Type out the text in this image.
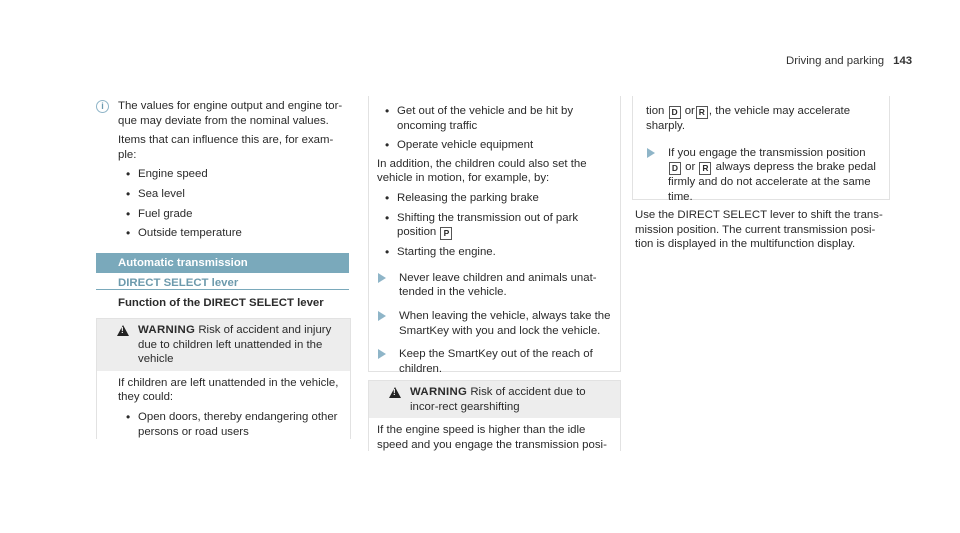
Driving and parking 143
i	The values for engine output and engine tor-que may deviate from the nominal values.

Items that can influence this are, for exam-ple:

• Engine speed
• Sea level
• Fuel grade
• Outside temperature
Automatic transmission
DIRECT SELECT lever
Function of the DIRECT SELECT lever
!

WARNING Risk of accident and injury due to children left unattended in the vehicle

If children are left unattended in the vehicle, they could:

• Open doors, thereby endangering other persons or road users
• Get out of the vehicle and be hit by oncoming traffic
• Operate vehicle equipment

In addition, the children could also set the vehicle in motion, for example, by:

• Releasing the parking brake
• Shifting the transmission out of park position P
• Starting the engine.

Never leave children and animals unat-tended in the vehicle.

When leaving the vehicle, always take the SmartKey with you and lock the vehicle.

Keep the SmartKey out of the reach of children.

!

WARNING Risk of accident due to incor-rect gearshifting

If the engine speed is higher than the idle speed and you engage the transmission posi-

tion D or R , the vehicle may accelerate sharply.

If you engage the transmission position
D or R always depress the brake pedal firmly and do not accelerate at the same time.

Use the DIRECT SELECT lever to shift the trans-mission position. The current transmission posi-tion is displayed in the multifunction display.
